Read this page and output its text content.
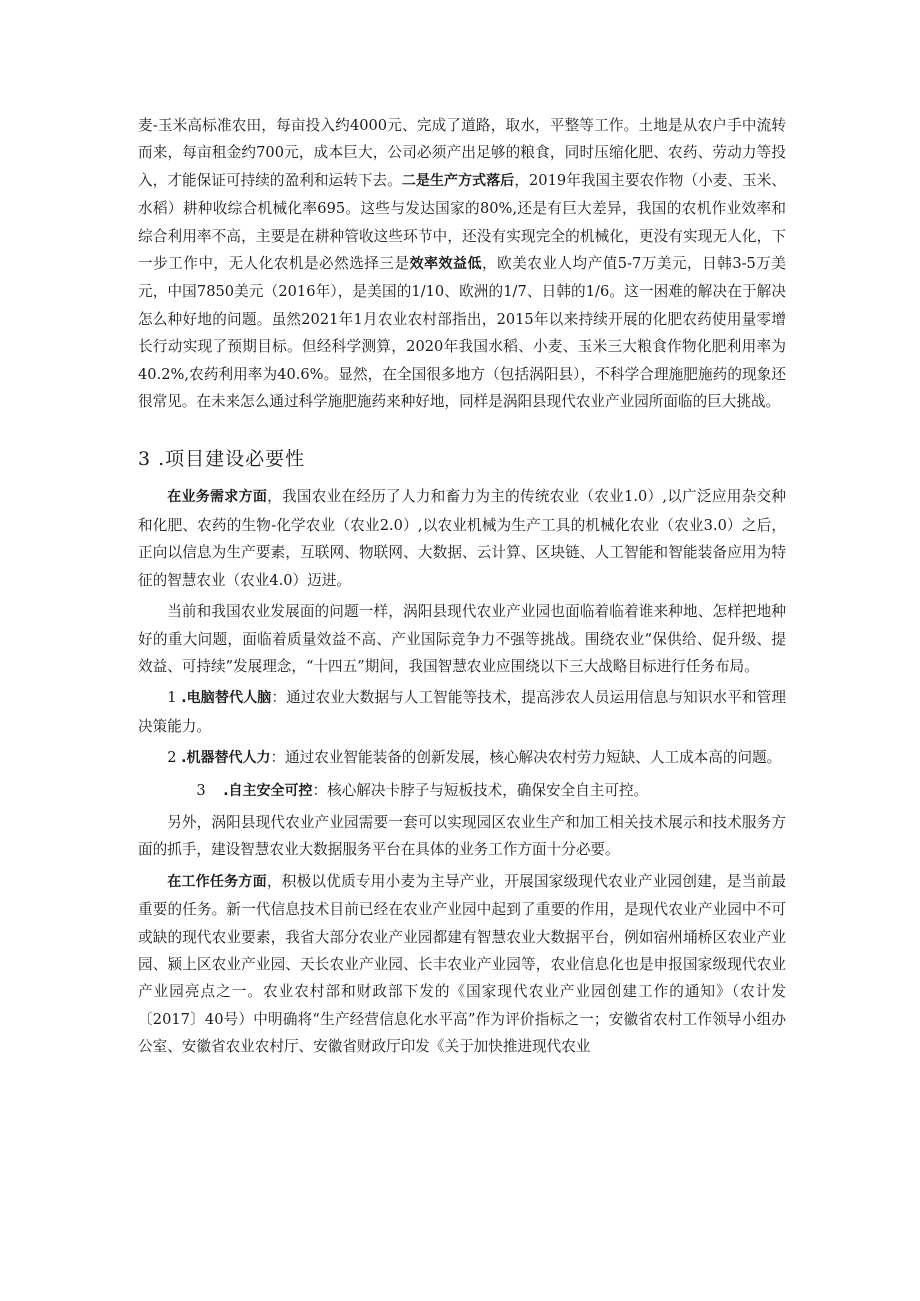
麦-玉米高标准农田，每亩投入约4000元、完成了道路，取水，平整等工作。土地是从农户手中流转而来，每亩租金约700元，成本巨大，公司必须产出足够的粮食，同时压缩化肥、农药、劳动力等投入，才能保证可持续的盈利和运转下去。二是生产方式落后，2019年我国主要农作物（小麦、玉米、水稻）耕种收综合机械化率695。这些与发达国家的80%,还是有巨大差异，我国的农机作业效率和综合利用率不高，主要是在耕种管收这些环节中，还没有实现完全的机械化，更没有实现无人化，下一步工作中，无人化农机是必然选择三是效率效益低，欧美农业人均产值5-7万美元，日韩3-5万美元，中国7850美元（2016年），是美国的1/10、欧洲的1/7、日韩的1/6。这一困难的解决在于解决怎么种好地的问题。虽然2021年1月农业农村部指出，2015年以来持续开展的化肥农药使用量零增长行动实现了预期目标。但经科学测算，2020年我国水稻、小麦、玉米三大粮食作物化肥利用率为40.2%,农药利用率为40.6%。显然，在全国很多地方（包括涡阳县），不科学合理施肥施药的现象还很常见。在未来怎么通过科学施肥施药来种好地，同样是涡阳县现代农业产业园所面临的巨大挑战。

3 .项目建设必要性

在业务需求方面，我国农业在经历了人力和畜力为主的传统农业（农业1.0）,以广泛应用杂交种和化肥、农药的生物-化学农业（农业2.0）,以农业机械为生产工具的机械化农业（农业3.0）之后，正向以信息为生产要素，互联网、物联网、大数据、云计算、区块链、人工智能和智能装备应用为特征的智慧农业（农业4.0）迈进。

当前和我国农业发展面的问题一样，涡阳县现代农业产业园也面临着临着谁来种地、怎样把地种好的重大问题，面临着质量效益不高、产业国际竞争力不强等挑战。围绕农业“保供给、促升级、提效益、可持续”发展理念，“十四五”期间，我国智慧农业应围绕以下三大战略目标进行任务布局。

1 .电脑替代人脑：通过农业大数据与人工智能等技术，提高涉农人员运用信息与知识水平和管理决策能力。

2 .机器替代人力：通过农业智能装备的创新发展，核心解决农村劳力短缺、人工成本高的问题。

3 .自主安全可控：核心解决卡脖子与短板技术，确保安全自主可控。

另外，涡阳县现代农业产业园需要一套可以实现园区农业生产和加工相关技术展示和技术服务方面的抓手，建设智慧农业大数据服务平台在具体的业务工作方面十分必要。

在工作任务方面，积极以优质专用小麦为主导产业，开展国家级现代农业产业园创建，是当前最重要的任务。新一代信息技术目前已经在农业产业园中起到了重要的作用，是现代农业产业园中不可或缺的现代农业要素，我省大部分农业产业园都建有智慧农业大数据平台，例如宿州埇桥区农业产业园、颍上区农业产业园、天长农业产业园、长丰农业产业园等，农业信息化也是申报国家级现代农业产业园亮点之一。农业农村部和财政部下发的《国家现代农业产业园创建工作的通知》（农计发〔2017〕40号）中明确将“生产经营信息化水平高”作为评价指标之一；安徽省农村工作领导小组办公室、安徽省农业农村厅、安徽省财政厅印发《关于加快推进现代农业
